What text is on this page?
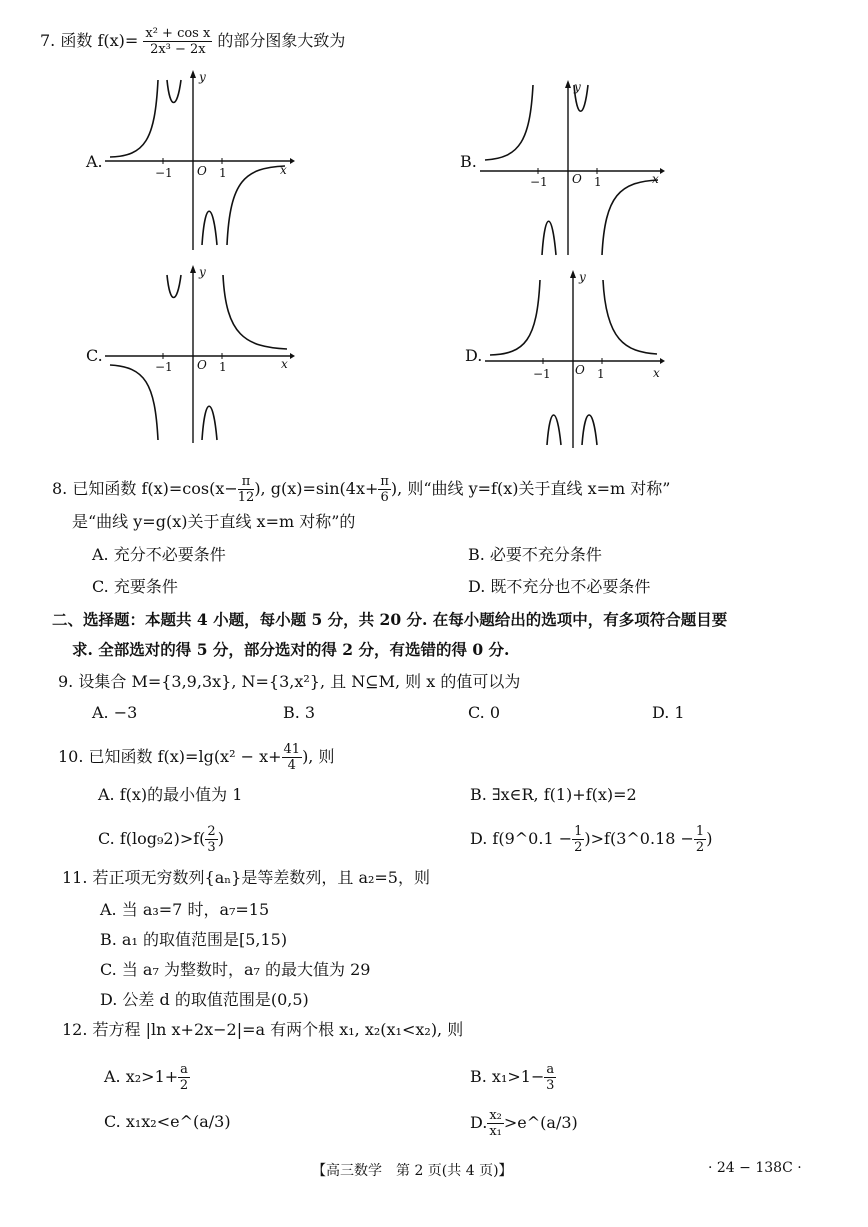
7. 函数 $f(x)= \frac{\text{x² + cos x}}{\text{2x³ − 2x}}$ 的部分图象大致为
A.
−1 O 1	x
y
B.
−1 O 1	x
y
C.
−1 O 1	x
y
D.
−1 O 1	x
y
8. 已知函数 $f(x)=\cos(x- \frac{\pi}{12}$ ), $g(x)=\sin(4x+ \frac{\pi}{6}$ ), 则“曲线 y=f(x)关于直线 x=m 对称”
是“曲线 y=g(x)关于直线 x=m 对称”的
A. 充分不必要条件	B. 必要不充分条件
C. 充要条件	D. 既不充分也不必要条件
二、选择题：本题共 4 小题，每小题 5 分，共 20 分. 在每小题给出的选项中，有多项符合题目要
求. 全部选对的得 5 分，部分选对的得 2 分，有选错的得 0 分.
9. 设集合 M={3,9,3x}, N={3,x²}, 且 N⊆M, 则 x 的值可以为
A. −3	B. 3	C. 0	D. 1
10. 已知函数 $f(x)=\lg(x^2 - x+ \frac{41}{4}$ ), 则
A. f(x)的最小值为 1	B. ∃x∈R, f(1)+f(x)=2
C. $f(\log_92)>f( \frac{2}{3}$ )	D. f(9^0.1 − $\frac{1}{2}$ )>f(3^0.18 − $\frac{1}{2}$ )
11. 若正项无穷数列{aₙ}是等差数列，且 a₂=5，则
A. 当 a₃=7 时，a₇=15
B. a₁ 的取值范围是[5,15)
C. 当 a₇ 为整数时，a₇ 的最大值为 29
D. 公差 d 的取值范围是(0,5)
12. 若方程 |ln x+2x−2|=a 有两个根 x₁, x₂(x₁<x₂), 则
A. $x_2>1+ \frac{a}{2}$	B. $x_1>1- \frac{a}{3}$
C. x₁x₂<e^(a/3)	D. $\frac{\text{x₂}}{\text{x₁}}$ >e^(a/3)
【高三数学　第 2 页(共 4 页)】	· 24 − 138C ·
